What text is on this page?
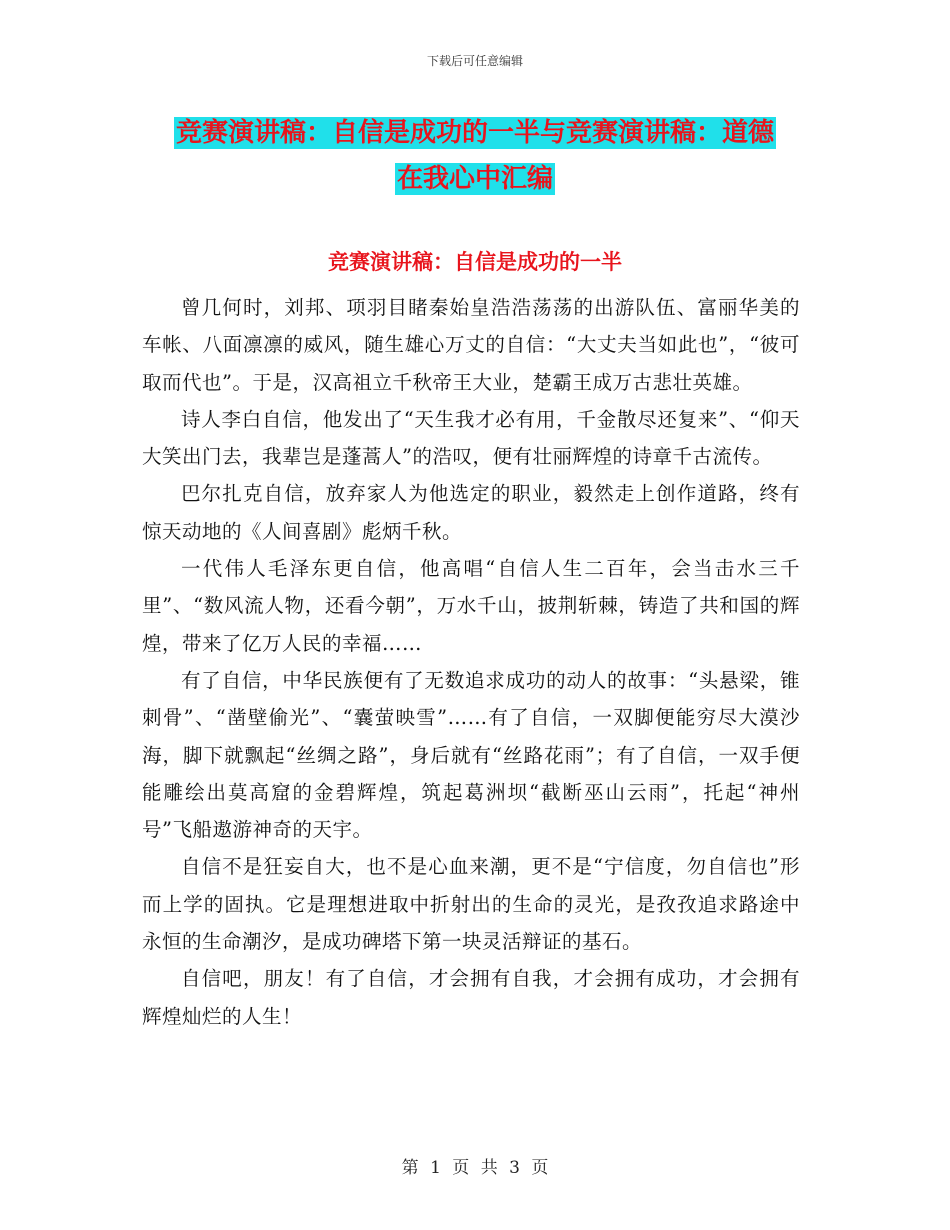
下载后可任意编辑
竞赛演讲稿：自信是成功的一半与竞赛演讲稿：道德
在我心中汇编
竞赛演讲稿：自信是成功的一半

曾几何时，刘邦、项羽目睹秦始皇浩浩荡荡的出游队伍、富丽华美的车帐、八面凛凛的威风，随生雄心万丈的自信：“大丈夫当如此也”，“彼可取而代也”。于是，汉高祖立千秋帝王大业，楚霸王成万古悲壮英雄。

诗人李白自信，他发出了“天生我才必有用，千金散尽还复来”、“仰天大笑出门去，我辈岂是蓬蒿人”的浩叹，便有壮丽辉煌的诗章千古流传。

巴尔扎克自信，放弃家人为他选定的职业，毅然走上创作道路，终有惊天动地的《人间喜剧》彪炳千秋。

一代伟人毛泽东更自信，他高唱“自信人生二百年，会当击水三千里”、“数风流人物，还看今朝”，万水千山，披荆斩棘，铸造了共和国的辉煌，带来了亿万人民的幸福……

有了自信，中华民族便有了无数追求成功的动人的故事：“头悬梁，锥刺骨”、“凿壁偷光”、“囊萤映雪”……有了自信，一双脚便能穷尽大漠沙海，脚下就飘起“丝绸之路”，身后就有“丝路花雨”；有了自信，一双手便能雕绘出莫高窟的金碧辉煌，筑起葛洲坝“截断巫山云雨”，托起“神州号”飞船遨游神奇的天宇。

自信不是狂妄自大，也不是心血来潮，更不是“宁信度，勿自信也”形而上学的固执。它是理想进取中折射出的生命的灵光，是孜孜追求路途中永恒的生命潮汐，是成功碑塔下第一块灵活辩证的基石。

自信吧，朋友！有了自信，才会拥有自我，才会拥有成功，才会拥有辉煌灿烂的人生！

第 1 页 共 3 页
